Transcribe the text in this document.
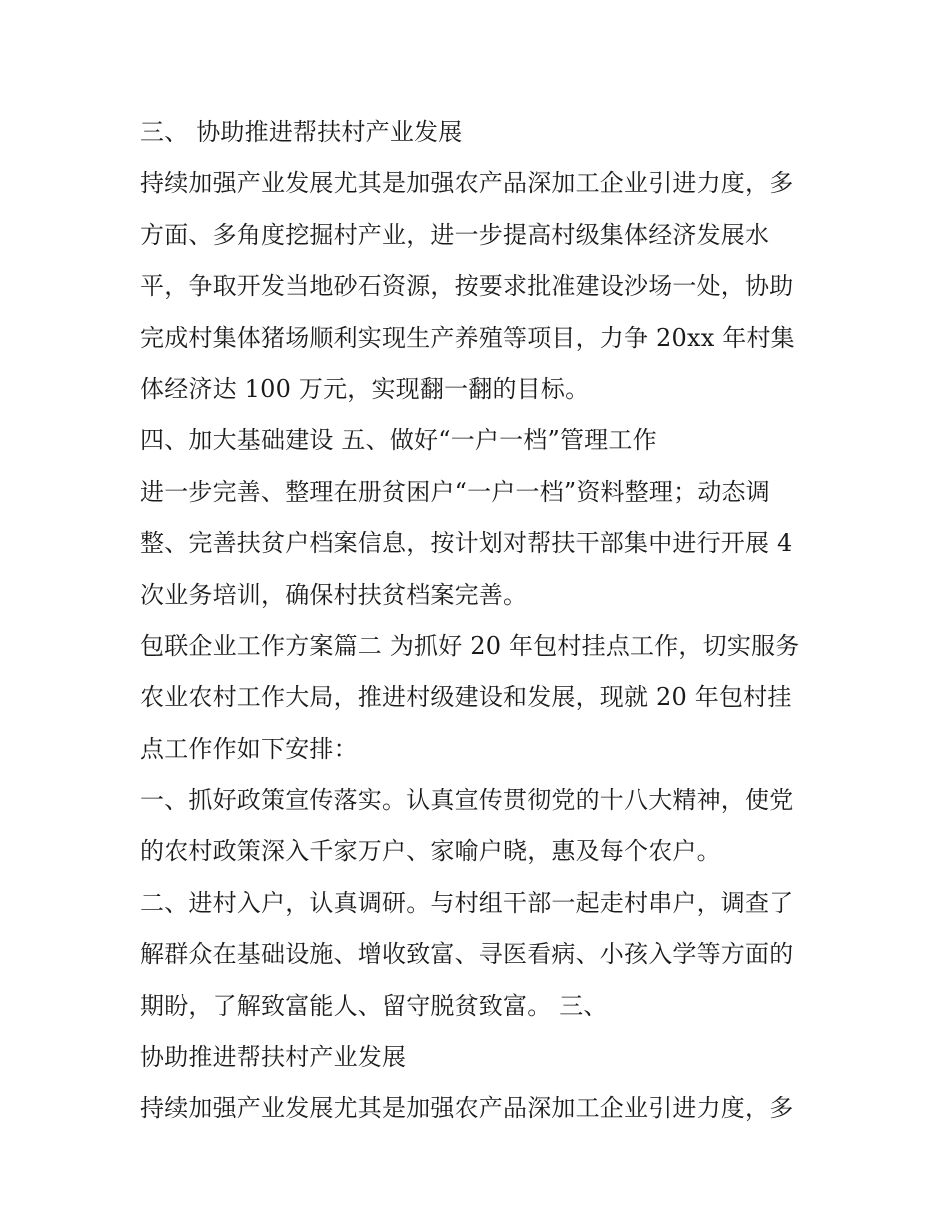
三、 协助推进帮扶村产业发展
持续加强产业发展尤其是加强农产品深加工企业引进力度，多
方面、多角度挖掘村产业，进一步提高村级集体经济发展水
平，争取开发当地砂石资源，按要求批准建设沙场一处，协助
完成村集体猪场顺利实现生产养殖等项目，力争 20xx 年村集
体经济达 100 万元，实现翻一翻的目标。
四、加大基础建设 五、做好“一户一档”管理工作
进一步完善、整理在册贫困户“一户一档”资料整理；动态调
整、完善扶贫户档案信息，按计划对帮扶干部集中进行开展 4
次业务培训，确保村扶贫档案完善。
包联企业工作方案篇二 为抓好 20 年包村挂点工作，切实服务
农业农村工作大局，推进村级建设和发展，现就 20 年包村挂
点工作作如下安排：
一、抓好政策宣传落实。认真宣传贯彻党的十八大精神，使党
的农村政策深入千家万户、家喻户晓，惠及每个农户。
二、进村入户，认真调研。与村组干部一起走村串户，调查了
解群众在基础设施、增收致富、寻医看病、小孩入学等方面的
期盼，了解致富能人、留守脱贫致富。 三、
协助推进帮扶村产业发展
持续加强产业发展尤其是加强农产品深加工企业引进力度，多
